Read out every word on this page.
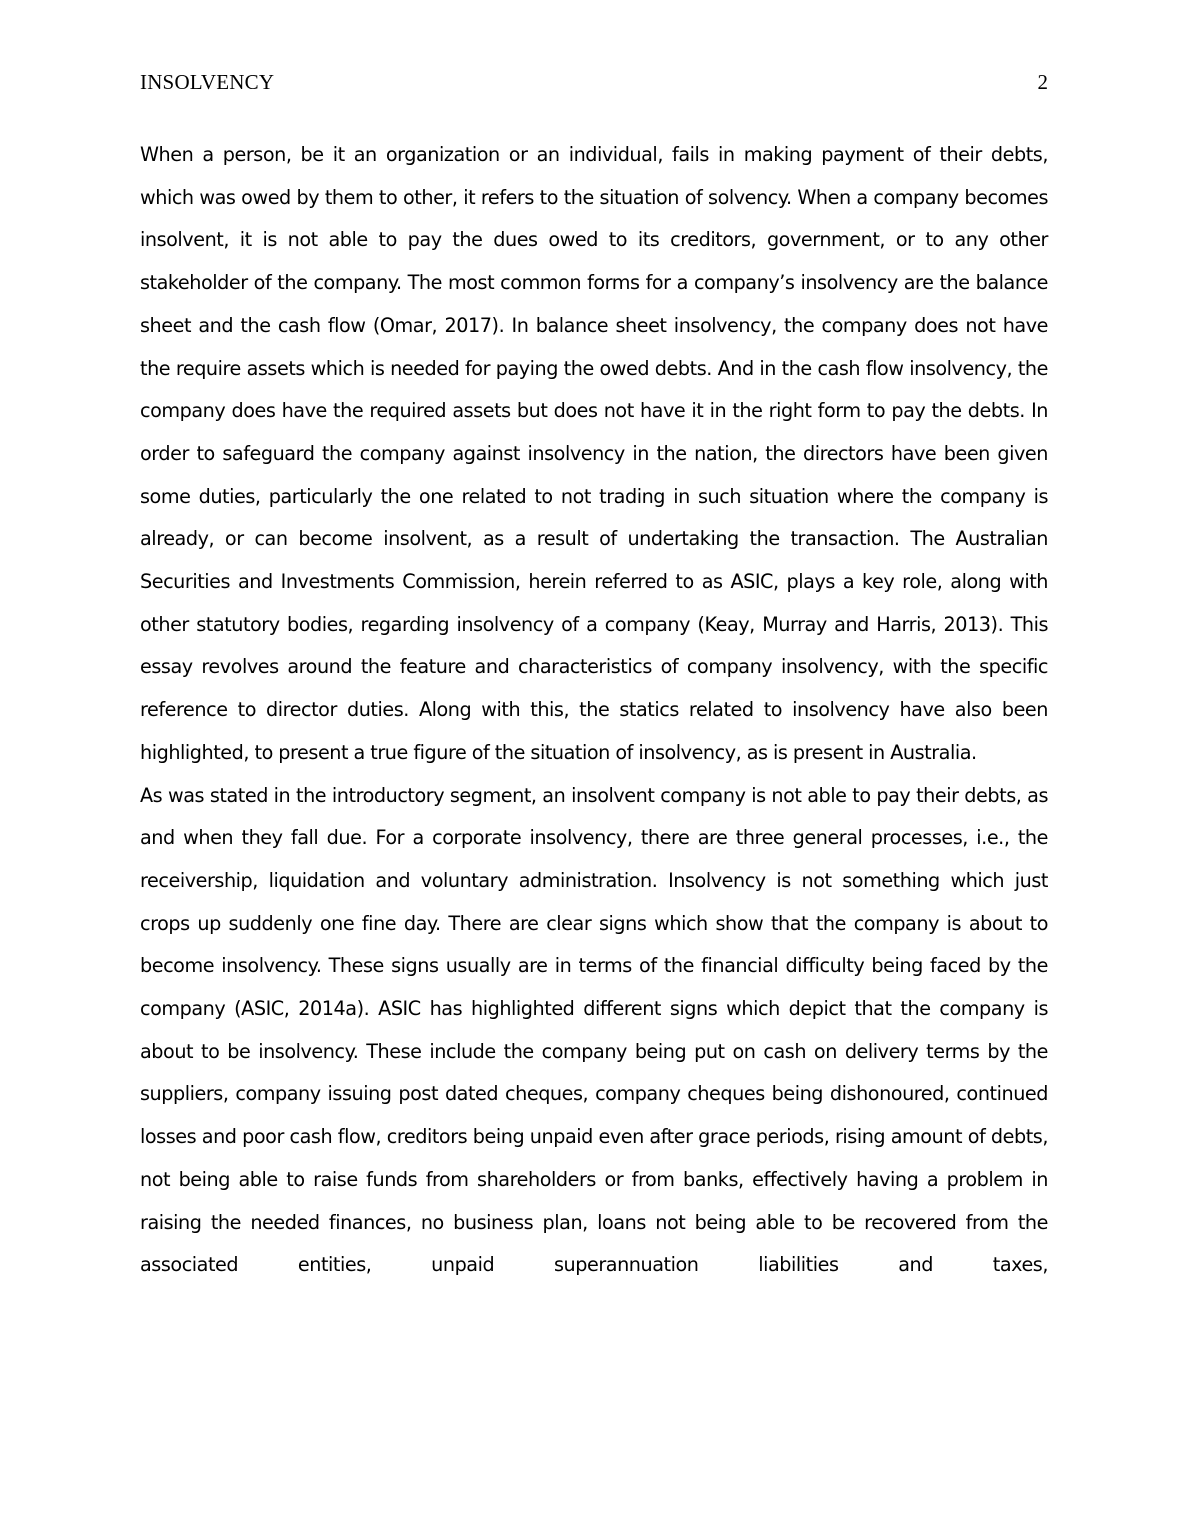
INSOLVENCY	2

When a person, be it an organization or an individual, fails in making payment of their debts, which was owed by them to other, it refers to the situation of solvency. When a company becomes insolvent, it is not able to pay the dues owed to its creditors, government, or to any other stakeholder of the company. The most common forms for a company’s insolvency are the balance sheet and the cash flow (Omar, 2017). In balance sheet insolvency, the company does not have the require assets which is needed for paying the owed debts. And in the cash flow insolvency, the company does have the required assets but does not have it in the right form to pay the debts. In order to safeguard the company against insolvency in the nation, the directors have been given some duties, particularly the one related to not trading in such situation where the company is already, or can become insolvent, as a result of undertaking the transaction. The Australian Securities and Investments Commission, herein referred to as ASIC, plays a key role, along with other statutory bodies, regarding insolvency of a company (Keay, Murray and Harris, 2013). This essay revolves around the feature and characteristics of company insolvency, with the specific reference to director duties. Along with this, the statics related to insolvency have also been highlighted, to present a true figure of the situation of insolvency, as is present in Australia.

As was stated in the introductory segment, an insolvent company is not able to pay their debts, as and when they fall due. For a corporate insolvency, there are three general processes, i.e., the receivership, liquidation and voluntary administration. Insolvency is not something which just crops up suddenly one fine day. There are clear signs which show that the company is about to become insolvency. These signs usually are in terms of the financial difficulty being faced by the company (ASIC, 2014a). ASIC has highlighted different signs which depict that the company is about to be insolvency. These include the company being put on cash on delivery terms by the suppliers, company issuing post dated cheques, company cheques being dishonoured, continued losses and poor cash flow, creditors being unpaid even after grace periods, rising amount of debts, not being able to raise funds from shareholders or from banks, effectively having a problem in raising the needed finances, no business plan, loans not being able to be recovered from the associated entities, unpaid superannuation liabilities and taxes,
